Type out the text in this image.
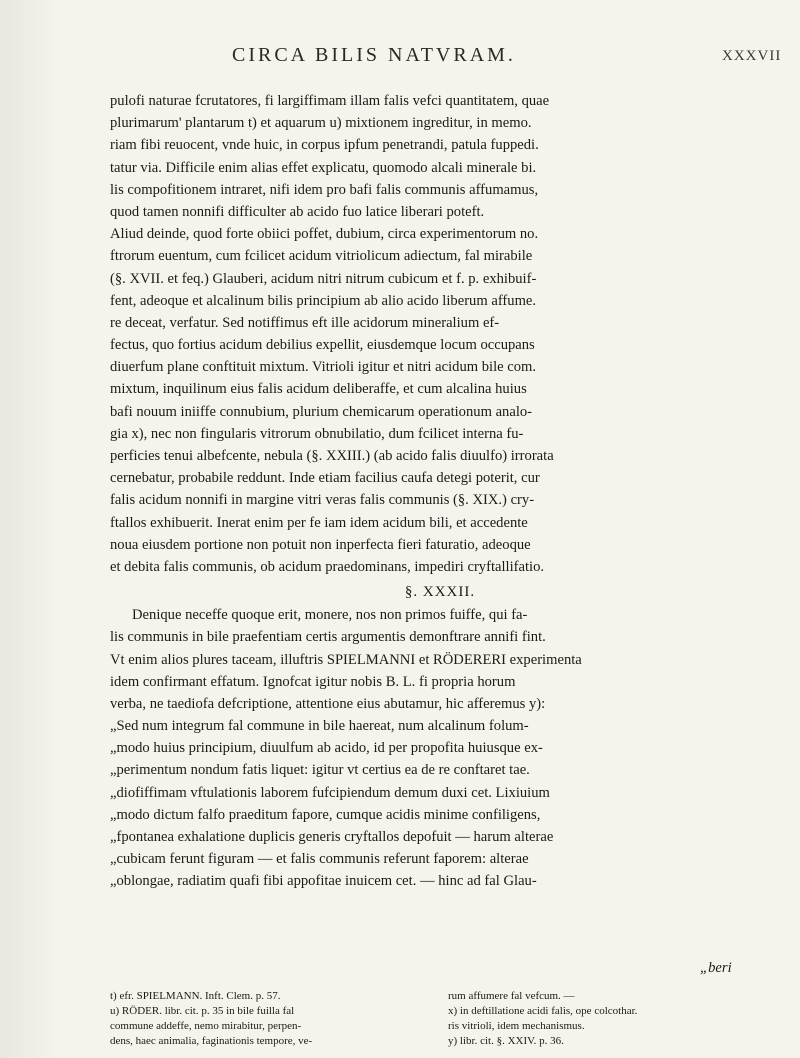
CIRCA BILIS NATVRAM.	XXXVII
pulofi naturae fcrutatores, fi largiffimam illam falis vefci quantitatem, quae
plurimarum' plantarum t) et aquarum u) mixtionem ingreditur, in memo.
riam fibi reuocent, vnde huic, in corpus ipfum penetrandi, patula fuppedi.
tatur via. Difficile enim alias effet explicatu, quomodo alcali minerale bi.
lis compofitionem intraret, nifi idem pro bafi falis communis affumamus,
quod tamen nonnifi difficulter ab acido fuo latice liberari poteft.
Aliud deinde, quod forte obiici poffet, dubium, circa experimentorum no.
ftrorum euentum, cum fcilicet acidum vitriolicum adiectum, fal mirabile
(§. XVII. et feq.) Glauberi, acidum nitri nitrum cubicum et f. p. exhibuif-
fent, adeoque et alcalinum bilis principium ab alio acido liberum affume.
re deceat, verfatur. Sed notiffimus eft ille acidorum mineralium ef-
fectus, quo fortius acidum debilius expellit, eiusdemque locum occupans
diuerfum plane conftituit mixtum. Vitrioli igitur et nitri acidum bile com.
mixtum, inquilinum eius falis acidum deliberaffe, et cum alcalina huius
bafi nouum iniiffe connubium, plurium chemicarum operationum analo-
gia x), nec non fingularis vitrorum obnubilatio, dum fcilicet interna fu-
perficies tenui albefcente, nebula (§. XXIII.) (ab acido falis diuulfo) irrorata
cernebatur, probabile reddunt. Inde etiam facilius caufa detegi poterit, cur
falis acidum nonnifi in margine vitri veras falis communis (§. XIX.) cry-
ftallos exhibuerit. Inerat enim per fe iam idem acidum bili, et accedente
noua eiusdem portione non potuit non inperfecta fieri faturatio, adeoque
et debita falis communis, ob acidum praedominans, impediri cryftallifatio.
§. XXXII.
Denique neceffe quoque erit, monere, nos non primos fuiffe, qui fa-
lis communis in bile praefentiam certis argumentis demonftrare annifi fint.
Vt enim alios plures taceam, illuftris SPIELMANNI et RÖDERERI experimenta
idem confirmant effatum. Ignofcat igitur nobis B. L. fi propria horum
verba, ne taediofa defcriptione, attentione eius abutamur, hic afferemus y):
„Sed num integrum fal commune in bile haereat, num alcalinum folum-
„modo huius principium, diuulfum ab acido, id per propofita huiusque ex-
„perimentum nondum fatis liquet: igitur vt certius ea de re conftaret tae.
„diofiffimam vftulationis laborem fufcipiendum demum duxi cet. Lixiuium
„modo dictum falfo praeditum fapore, cumque acidis minime confiligens,
„fpontanea exhalatione duplicis generis cryftallos depofuit — harum alterae
„cubicam ferunt figuram — et falis communis referunt faporem: alterae
„oblongae, radiatim quafi fibi appofitae inuicem cet. — hinc ad fal Glau-
„beri
t) efr. SPIELMANN. Inft. Clem. p. 57.
u) RÖDER. libr. cit. p. 35 in bile fuilla fal
commune addeffe, nemo mirabitur, perpen-
dens, haec animalia, faginationis tempore, ve-
rum affumere fal vefcum. —
x) in deftillatione acidi falis, ope colcothar.
ris vitrioli, idem mechanismus.
y) libr. cit. §. XXIV. p. 36.
